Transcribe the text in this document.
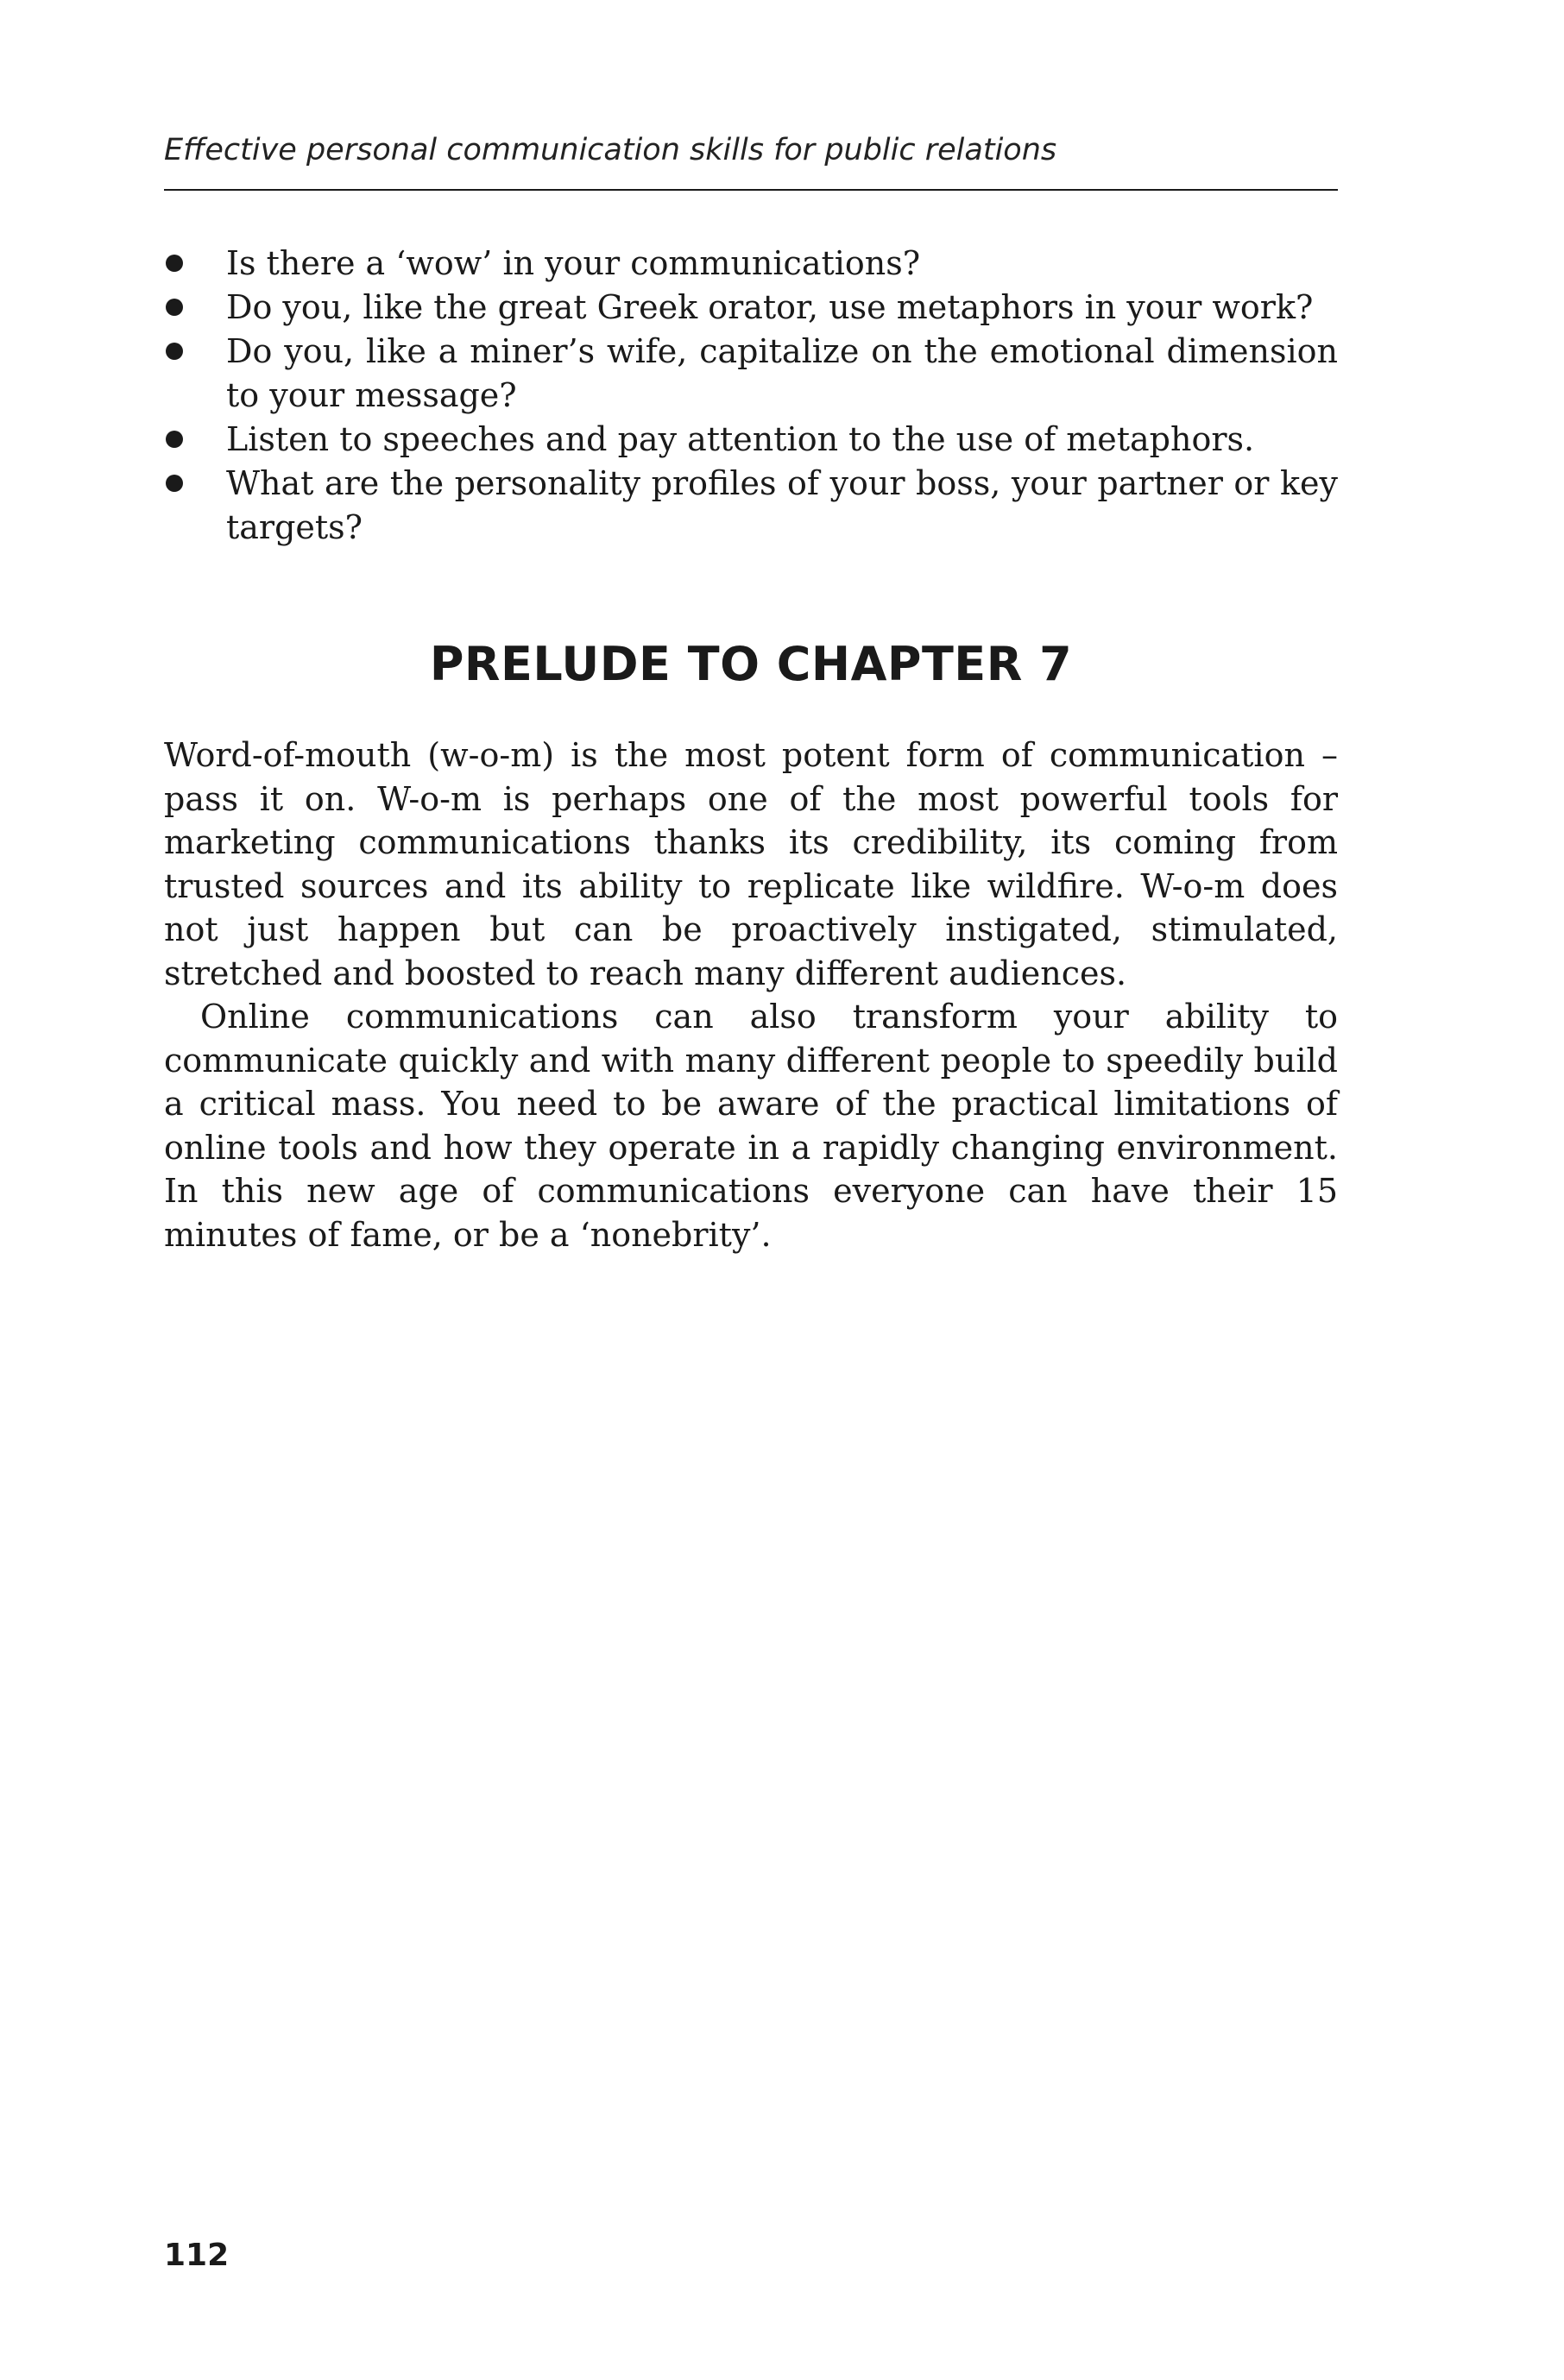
Effective personal communication skills for public relations
Is there a ‘wow’ in your communications?
Do you, like the great Greek orator, use metaphors in your work?
Do you, like a miner’s wife, capitalize on the emotional dimension to your message?
Listen to speeches and pay attention to the use of metaphors.
What are the personality profiles of your boss, your partner or key targets?
PRELUDE TO CHAPTER 7

Word-of-mouth (w-o-m) is the most potent form of communication – pass it on. W-o-m is perhaps one of the most powerful tools for marketing communications thanks its credibility, its coming from trusted sources and its ability to replicate like wildfire. W-o-m does not just happen but can be proactively instigated, stimulated, stretched and boosted to reach many different audiences.

Online communications can also transform your ability to communicate quickly and with many different people to speedily build a critical mass. You need to be aware of the practical limitations of online tools and how they operate in a rapidly changing environment. In this new age of communications everyone can have their 15 minutes of fame, or be a ‘nonebrity’.

112
